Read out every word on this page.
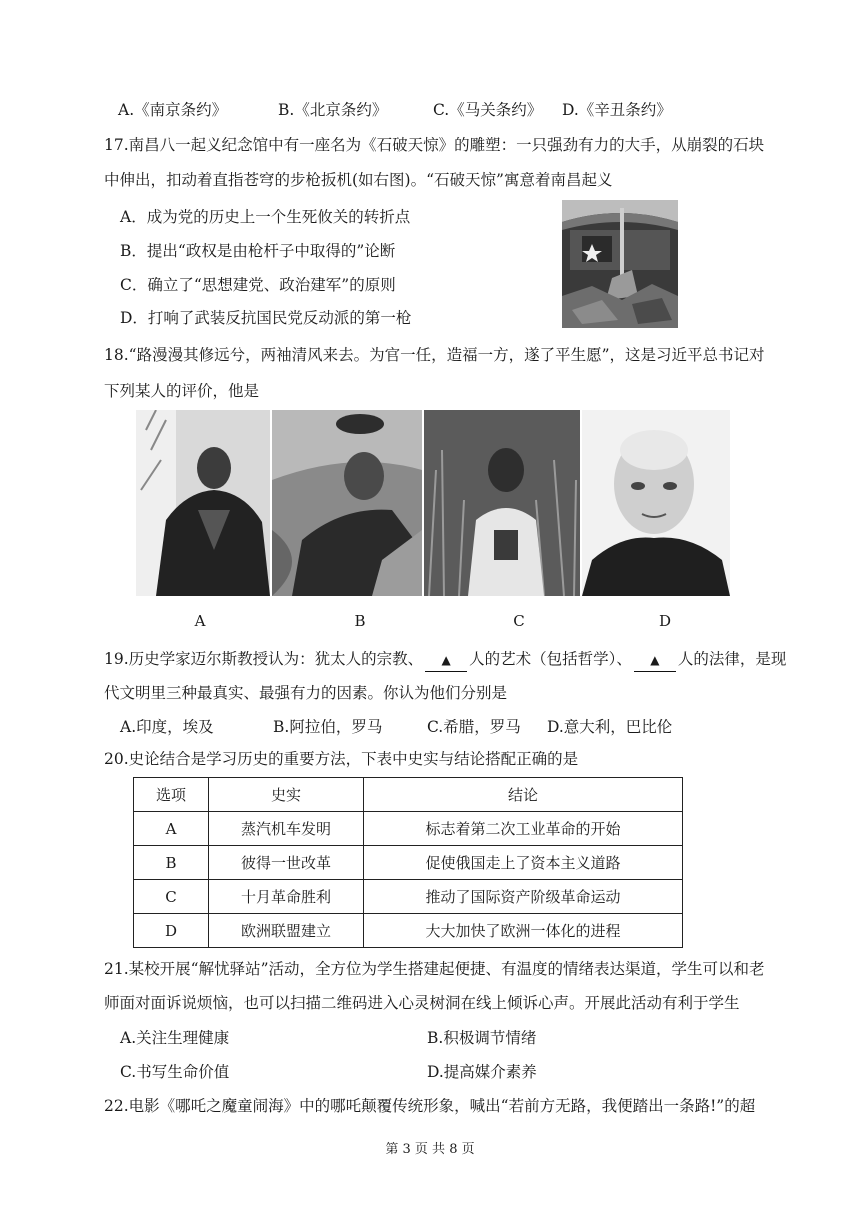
A.《南京条约》	B.《北京条约》	C.《马关条约》 D.《辛丑条约》
17.南昌八一起义纪念馆中有一座名为《石破天惊》的雕塑：一只强劲有力的大手，从崩裂的石块
中伸出，扣动着直指苍穹的步枪扳机(如右图)。“石破天惊”寓意着南昌起义
A．成为党的历史上一个生死攸关的转折点
B．提出“政权是由枪杆子中取得的”论断
C．确立了“思想建党、政治建军”的原则
D．打响了武装反抗国民党反动派的第一枪
18.“路漫漫其修远兮，两袖清风来去。为官一任，造福一方，遂了平生愿”，这是习近平总书记对
下列某人的评价，他是
A	B	C	D
19.历史学家迈尔斯教授认为：犹太人的宗教、 ▲ 人的艺术（包括哲学）、 ▲ 人的法律，是现
代文明里三种最真实、最强有力的因素。你认为他们分别是
A.印度，埃及	B.阿拉伯，罗马	C.希腊，罗马 D.意大利，巴比伦
20.史论结合是学习历史的重要方法，下表中史实与结论搭配正确的是
选项	史实	结论
A	蒸汽机车发明	标志着第二次工业革命的开始
B	彼得一世改革	促使俄国走上了资本主义道路
C	十月革命胜利	推动了国际资产阶级革命运动
D	欧洲联盟建立	大大加快了欧洲一体化的进程
21.某校开展“解忧驿站”活动，全方位为学生搭建起便捷、有温度的情绪表达渠道，学生可以和老
师面对面诉说烦恼，也可以扫描二维码进入心灵树洞在线上倾诉心声。开展此活动有利于学生
A.关注生理健康	B.积极调节情绪
C.书写生命价值	D.提高媒介素养
22.电影《哪吒之魔童闹海》中的哪吒颠覆传统形象，喊出“若前方无路，我便踏出一条路!”的超
第 3 页 共 8 页
